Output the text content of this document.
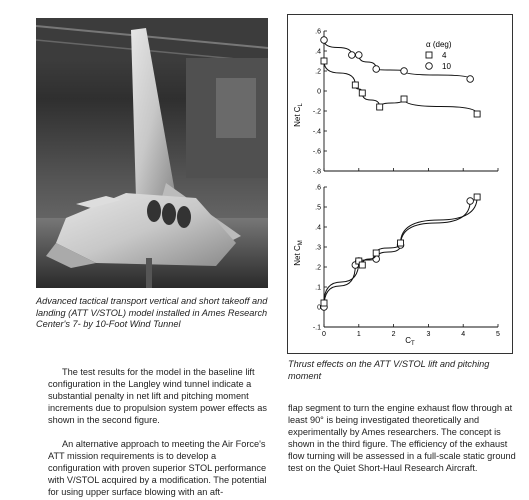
Advanced tactical transport vertical and short takeoff and landing (ATT V/STOL) model installed in Ames Research Center's 7- by 10-Foot Wind Tunnel
α (deg)
4
10
Net $C_L$
Net $C_M$
$C_T$
.6
.4
.2
0
-.2
-.4
-.6
-.8
.6
.5
.4
.3
.2
.1
0
-.1
0	1	2	3	4	5
Thrust effects on the ATT V/STOL lift and pitching moment

The test results for the model in the baseline lift configuration in the Langley wind tunnel indicate a substantial penalty in net lift and pitching moment increments due to propulsion system power effects as shown in the second figure.

An alternative approach to meeting the Air Force's ATT mission requirements is to develop a configuration with proven superior STOL performance with V/STOL acquired by a modification. The potential for using upper surface blowing with an aft-

flap segment to turn the engine exhaust flow through at least 90° is being investigated theoretically and experimentally by Ames researchers. The concept is shown in the third figure. The efficiency of the exhaust flow turning will be assessed in a full-scale static ground test on the Quiet Short-Haul Research Aircraft.
